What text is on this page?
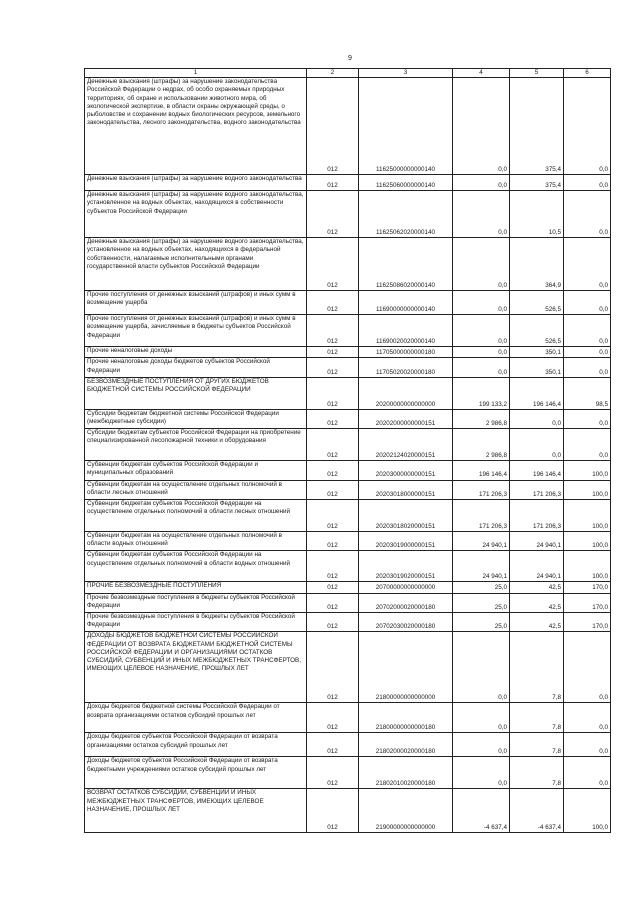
9
1	2	3	4	5	6

Денежные взыскания (штрафы) за нарушение законодательства Российской Федерации о недрах, об особо охраняемых природных территориях, об охране и использовании животного мира, об экологической экспертизе, в области охраны окружающей среды, о рыболовстве и сохранении водных биологических ресурсов, земельного законодательства, лесного законодательства, водного законодательства	012	11625000000000140	0,0	375,4	0,0

Денежные взыскания (штрафы) за нарушение водного законодательства	012	11625060000000140	0,0	375,4	0,0

Денежные взыскания (штрафы) за нарушение водного законодательства, установленное на водных объектах, находящихся в собственности субъектов Российской Федерации	012	11625062020000140	0,0	10,5	0,0

Денежные взыскания (штрафы) за нарушение водного законодательства, установленное на водных объектах, находящихся в федеральной собственности, налагаемые исполнительными органами государственной власти субъектов Российской Федерации	012	11625086020000140	0,0	364,9	0,0

Прочие поступления от денежных взысканий (штрафов) и иных сумм в возмещение ущерба	012	11690000000000140	0,0	526,5	0,0

Прочие поступления от денежных взысканий (штрафов) и иных сумм в возмещение ущерба, зачисляемые в бюджеты субъектов Российской Федерации	012	11690020020000140	0,0	526,5	0,0

Прочие неналоговые доходы	012	11705000000000180	0,0	350,1	0,0

Прочие неналоговые доходы бюджетов субъектов Российской Федерации	012	11705020020000180	0,0	350,1	0,0

БЕЗВОЗМЕЗДНЫЕ ПОСТУПЛЕНИЯ ОТ ДРУГИХ БЮДЖЕТОВ БЮДЖЕТНОЙ СИСТЕМЫ РОССИЙСКОЙ ФЕДЕРАЦИИ	012	20200000000000000	199 133,2	196 146,4	98,5

Субсидии бюджетам бюджетной системы Российской Федерации (межбюджетные субсидии)	012	20202000000000151	2 986,8	0,0	0,0

Субсидии бюджетам субъектов Российской Федерации на приобретение специализированной лесопожарной техники и оборудования	012	20202124020000151	2 986,8	0,0	0,0

Субвенции бюджетам субъектов Российской Федерации и муниципальных образований	012	20203000000000151	196 146,4	196 146,4	100,0

Субвенции бюджетам на осуществление отдельных полномочий в области лесных отношений	012	20203018000000151	171 206,3	171 206,3	100,0

Субвенции бюджетам субъектов Российской Федерации на осуществление отдельных полномочий в области лесных отношений	012	20203018020000151	171 206,3	171 206,3	100,0

Субвенции бюджетам на осуществление отдельных полномочий в области водных отношений	012	20203019000000151	24 940,1	24 940,1	100,0

Субвенции бюджетам субъектов Российской Федерации на осуществление отдельных полномочий в области водных отношений	012	20203019020000151	24 940,1	24 940,1	100,0

ПРОЧИЕ БЕЗВОЗМЕЗДНЫЕ ПОСТУПЛЕНИЯ	012	20700000000000000	25,0	42,5	170,0

Прочие безвозмездные поступления в бюджеты субъектов Российской Федерации	012	20702000020000180	25,0	42,5	170,0

Прочие безвозмездные поступления в бюджеты субъектов Российской Федерации	012	20702030020000180	25,0	42,5	170,0

ДОХОДЫ БЮДЖЕТОВ БЮДЖЕТНОЙ СИСТЕМЫ РОССИЙСКОЙ ФЕДЕРАЦИИ ОТ ВОЗВРАТА БЮДЖЕТАМИ БЮДЖЕТНОЙ СИСТЕМЫ РОССИЙСКОЙ ФЕДЕРАЦИИ И ОРГАНИЗАЦИЯМИ ОСТАТКОВ СУБСИДИЙ, СУБВЕНЦИЙ И ИНЫХ МЕЖБЮДЖЕТНЫХ ТРАНСФЕРТОВ, ИМЕЮЩИХ ЦЕЛЕВОЕ НАЗНАЧЕНИЕ, ПРОШЛЫХ ЛЕТ	012	21800000000000000	0,0	7,8	0,0

Доходы бюджетов бюджетной системы Российской Федерации от возврата организациями остатков субсидий прошлых лет	012	21800000000000180	0,0	7,8	0,0

Доходы бюджетов субъектов Российской Федерации от возврата организациями остатков субсидий прошлых лет	012	21802000020000180	0,0	7,8	0,0

Доходы бюджетов субъектов Российской Федерации от возврата бюджетными учреждениями остатков субсидий прошлых лет	012	21802010020000180	0,0	7,8	0,0

ВОЗВРАТ ОСТАТКОВ СУБСИДИЙ, СУБВЕНЦИЙ И ИНЫХ МЕЖБЮДЖЕТНЫХ ТРАНСФЕРТОВ, ИМЕЮЩИХ ЦЕЛЕВОЕ НАЗНАЧЕНИЕ, ПРОШЛЫХ ЛЕТ	012	21900000000000000	-4 637,4	-4 637,4	100,0
